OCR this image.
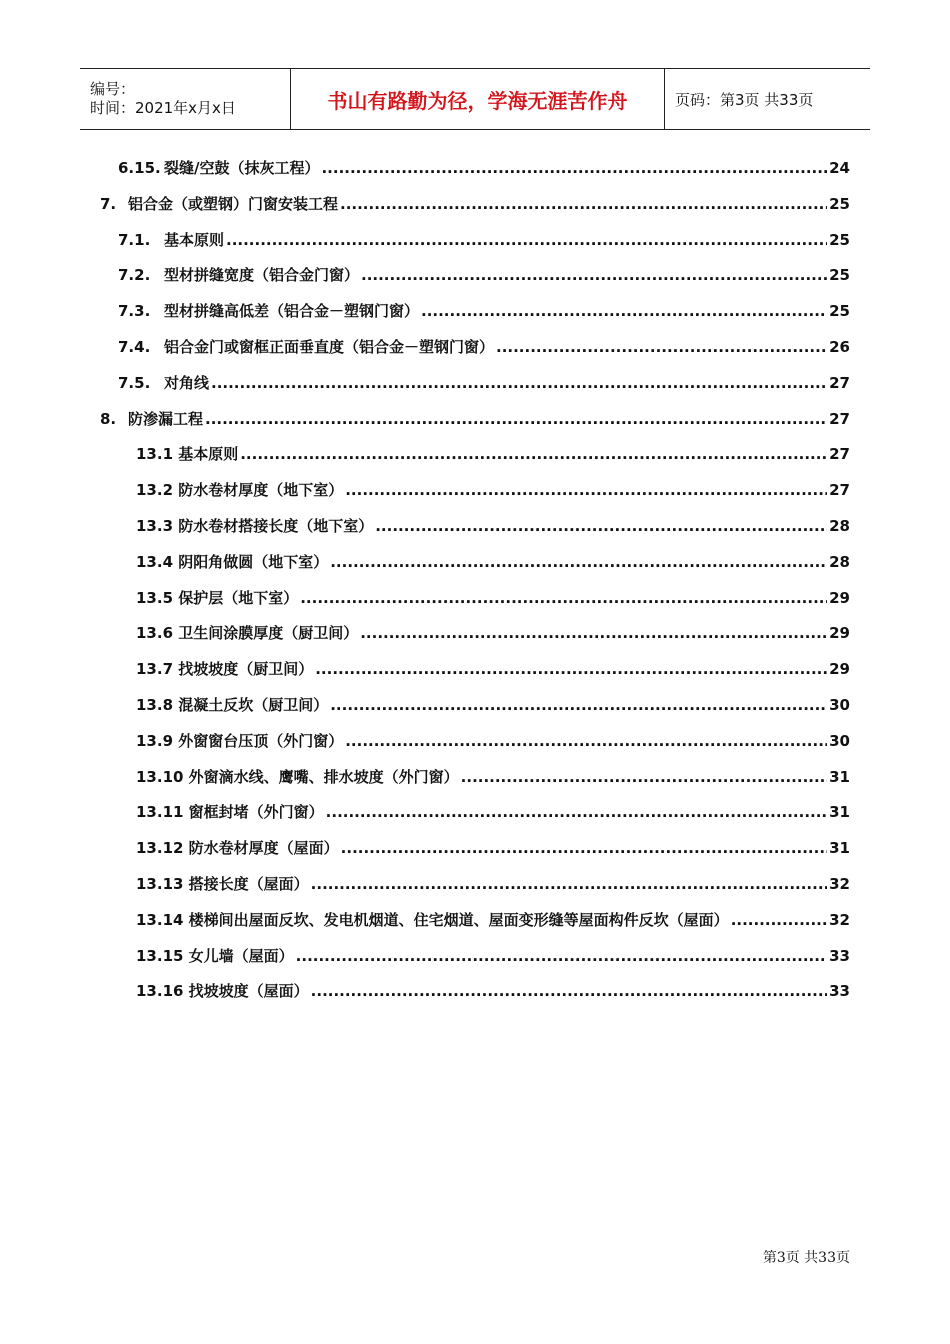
编号：
时间：2021年x月x日	书山有路勤为径，学海无涯苦作舟	页码：第3页 共33页
6.15. 裂缝/空鼓（抹灰工程） .....	24
7. 铝合金（或塑钢）门窗安装工程 .....	25
7.1. 基本原则 .....	25
7.2. 型材拼缝宽度（铝合金门窗） .....	25
7.3. 型材拼缝高低差（铝合金－塑钢门窗） .....	25
7.4. 铝合金门或窗框正面垂直度（铝合金－塑钢门窗） .....	26
7.5. 对角线 .....	27
8. 防渗漏工程 .....	27
13.1 基本原则 .....	27
13.2 防水卷材厚度（地下室） .....	27
13.3 防水卷材搭接长度（地下室） .....	28
13.4 阴阳角做圆（地下室） .....	28
13.5 保护层（地下室） .....	29
13.6 卫生间涂膜厚度（厨卫间） .....	29
13.7 找坡坡度（厨卫间） .....	29
13.8 混凝土反坎（厨卫间） .....	30
13.9 外窗窗台压顶（外门窗） .....	30
13.10 外窗滴水线、鹰嘴、排水坡度（外门窗） .....	31
13.11 窗框封堵（外门窗） .....	31
13.12 防水卷材厚度（屋面） .....	31
13.13 搭接长度（屋面） .....	32
13.14 楼梯间出屋面反坎、发电机烟道、住宅烟道、屋面变形缝等屋面构件反坎（屋面） .....	32
13.15 女儿墙（屋面） .....	33
13.16 找坡坡度（屋面） .....	33
第3页 共33页
